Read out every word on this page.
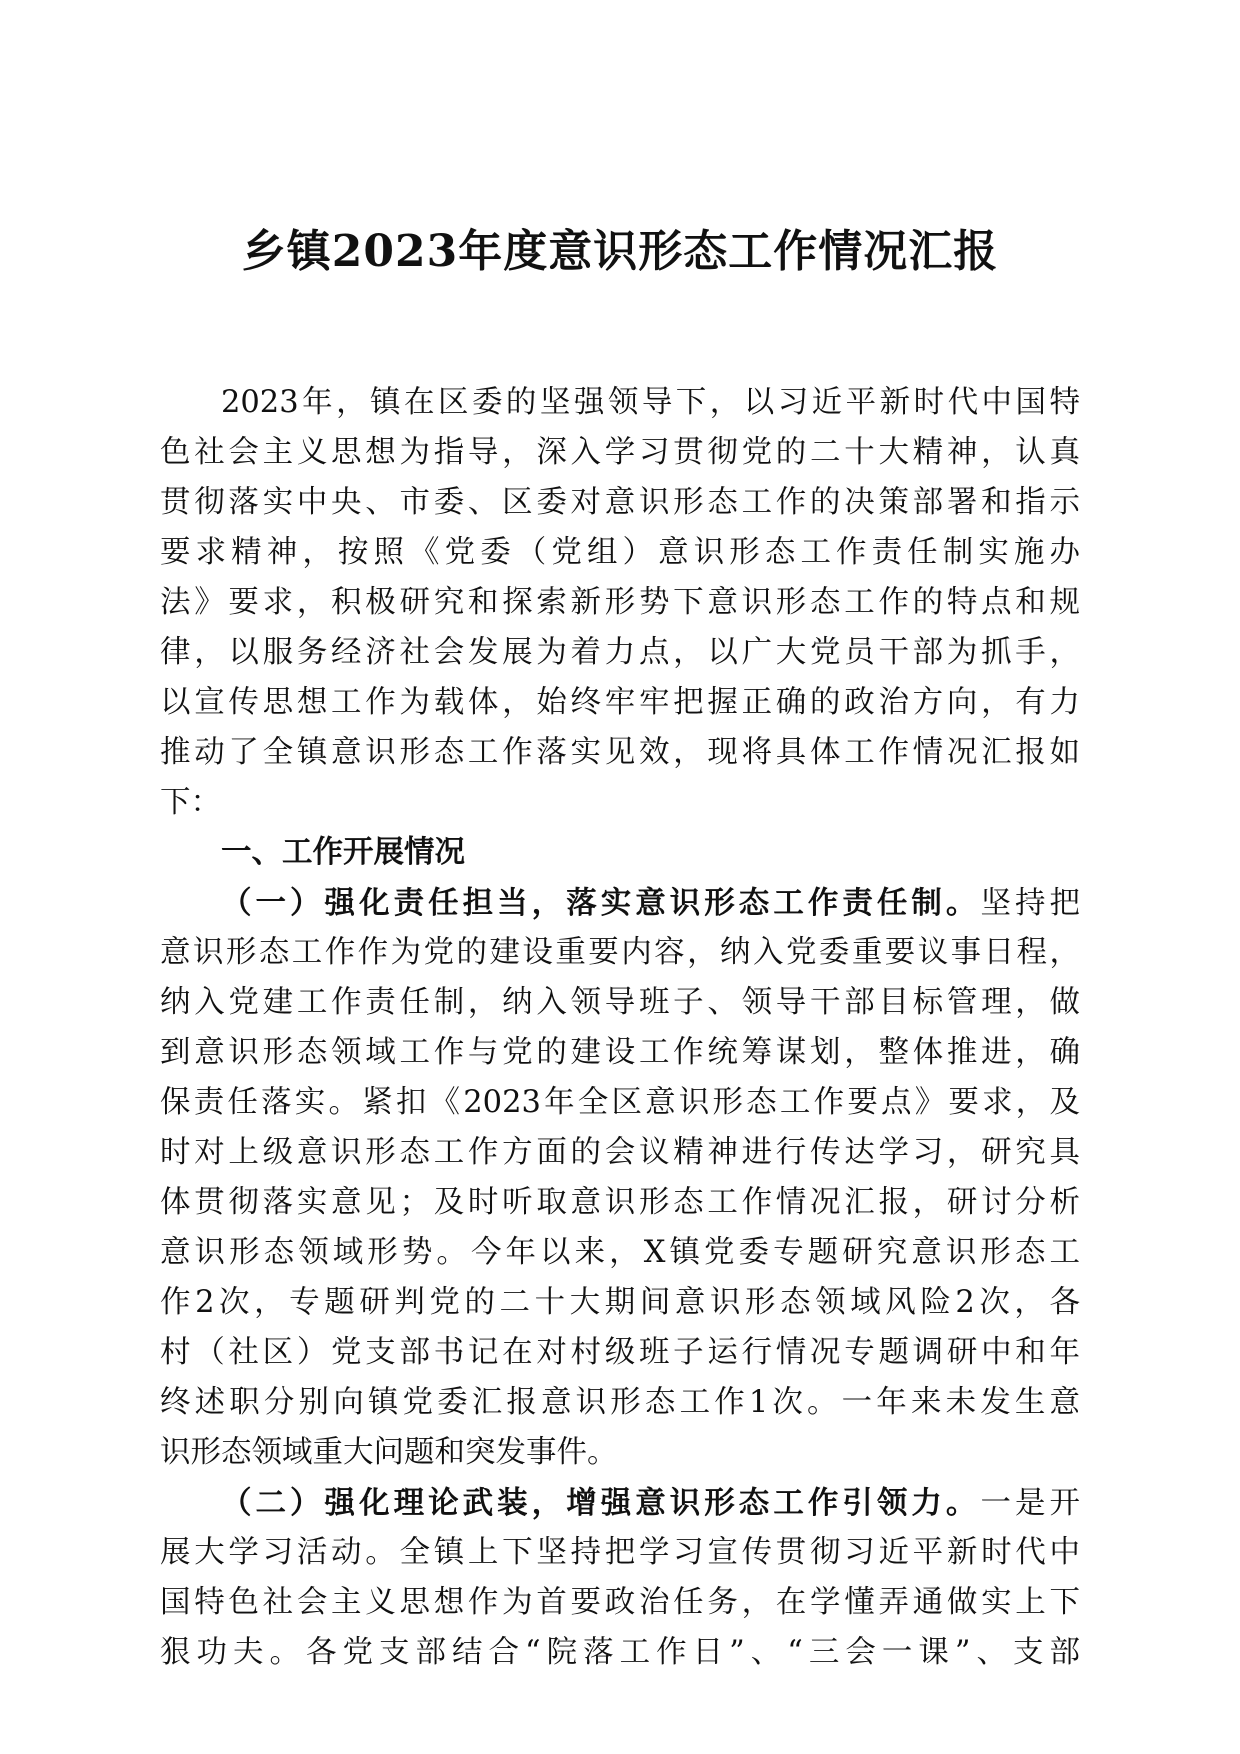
乡镇2023年度意识形态工作情况汇报
2023年，镇在区委的坚强领导下，以习近平新时代中国特
色社会主义思想为指导，深入学习贯彻党的二十大精神，认真
贯彻落实中央、市委、区委对意识形态工作的决策部署和指示
要求精神，按照《党委（党组）意识形态工作责任制实施办
法》要求，积极研究和探索新形势下意识形态工作的特点和规
律，以服务经济社会发展为着力点，以广大党员干部为抓手，
以宣传思想工作为载体，始终牢牢把握正确的政治方向，有力
推动了全镇意识形态工作落实见效，现将具体工作情况汇报如
下：
一、工作开展情况
（一）强化责任担当，落实意识形态工作责任制。坚持把
意识形态工作作为党的建设重要内容，纳入党委重要议事日程，
纳入党建工作责任制，纳入领导班子、领导干部目标管理，做
到意识形态领域工作与党的建设工作统筹谋划，整体推进，确
保责任落实。紧扣《2023年全区意识形态工作要点》要求，及
时对上级意识形态工作方面的会议精神进行传达学习，研究具
体贯彻落实意见；及时听取意识形态工作情况汇报，研讨分析
意识形态领域形势。今年以来，X镇党委专题研究意识形态工
作2次，专题研判党的二十大期间意识形态领域风险2次，各
村（社区）党支部书记在对村级班子运行情况专题调研中和年
终述职分别向镇党委汇报意识形态工作1次。一年来未发生意
识形态领域重大问题和突发事件。
（二）强化理论武装，增强意识形态工作引领力。一是开
展大学习活动。全镇上下坚持把学习宣传贯彻习近平新时代中
国特色社会主义思想作为首要政治任务，在学懂弄通做实上下
狠功夫。各党支部结合“院落工作日”、“三会一课”、支部
